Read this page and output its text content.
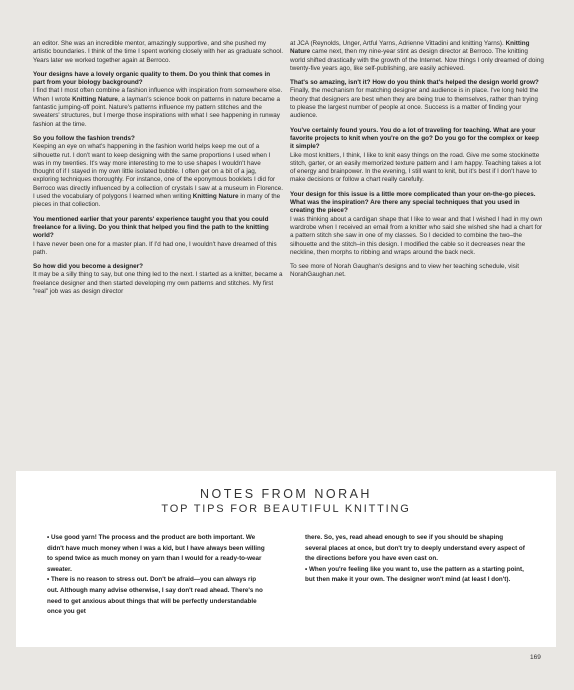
an editor. She was an incredible mentor, amazingly supportive, and she pushed my artistic boundaries. I think of the time I spent working closely with her as graduate school. Years later we worked together again at Berroco.

Your designs have a lovely organic quality to them. Do you think that comes in part from your biology background?
I find that I most often combine a fashion influence with inspiration from somewhere else. When I wrote Knitting Nature, a layman's science book on patterns in nature became a fantastic jumping-off point. Nature's patterns influence my pattern stitches and the sweaters' structures, but I merge those inspirations with what I see happening in runway fashion at the time.

So you follow the fashion trends?
Keeping an eye on what's happening in the fashion world helps keep me out of a silhouette rut. I don't want to keep designing with the same proportions I used when I was in my twenties. It's way more interesting to me to use shapes I wouldn't have thought of if I stayed in my own little isolated bubble. I often get on a bit of a jag, exploring techniques thoroughly. For instance, one of the eponymous booklets I did for Berroco was directly influenced by a collection of crystals I saw at a museum in Florence. I used the vocabulary of polygons I learned when writing Knitting Nature in many of the pieces in that collection.

You mentioned earlier that your parents' experience taught you that you could freelance for a living. Do you think that helped you find the path to the knitting world?
I have never been one for a master plan. If I'd had one, I wouldn't have dreamed of this path.

So how did you become a designer?
It may be a silly thing to say, but one thing led to the next. I started as a knitter, became a freelance designer and then started developing my own patterns and stitches. My first "real" job was as design director

at JCA (Reynolds, Unger, Artful Yarns, Adrienne Vittadini and knitting Yarns). Knitting Nature came next, then my nine-year stint as design director at Berroco. The knitting world shifted drastically with the growth of the Internet. Now things I only dreamed of doing twenty-five years ago, like self-publishing, are easily achieved.

That's so amazing, isn't it? How do you think that's helped the design world grow?
Finally, the mechanism for matching designer and audience is in place. I've long held the theory that designers are best when they are being true to themselves, rather than trying to please the largest number of people at once. Success is a matter of finding your audience.

You've certainly found yours. You do a lot of traveling for teaching. What are your favorite projects to knit when you're on the go? Do you go for the complex or keep it simple?
Like most knitters, I think, I like to knit easy things on the road. Give me some stockinette stitch, garter, or an easily memorized texture pattern and I am happy. Teaching takes a lot of energy and brainpower. In the evening, I still want to knit, but it's best if I don't have to make decisions or follow a chart really carefully.

Your design for this issue is a little more complicated than your on-the-go pieces. What was the inspiration? Are there any special techniques that you used in creating the piece?
I was thinking about a cardigan shape that I like to wear and that I wished I had in my own wardrobe when I received an email from a knitter who said she wished she had a chart for a pattern stitch she saw in one of my classes. So I decided to combine the two–the silhouette and the stitch–in this design. I modified the cable so it decreases near the neckline, then morphs to ribbing and wraps around the back neck.

To see more of Norah Gaughan's designs and to view her teaching schedule, visit NorahGaughan.net.

NOTES FROM NORAH
TOP TIPS FOR BEAUTIFUL KNITTING

• Use good yarn! The process and the product are both important. We didn't have much money when I was a kid, but I have always been willing to spend twice as much money on yarn than I would for a ready-to-wear sweater.

• There is no reason to stress out. Don't be afraid—you can always rip out. Although many advise otherwise, I say don't read ahead. There's no need to get anxious about things that will be perfectly understandable once you get

there. So, yes, read ahead enough to see if you should be shaping several places at once, but don't try to deeply understand every aspect of the directions before you have even cast on.

• When you're feeling like you want to, use the pattern as a starting point, but then make it your own. The designer won't mind (at least I don't).

169
